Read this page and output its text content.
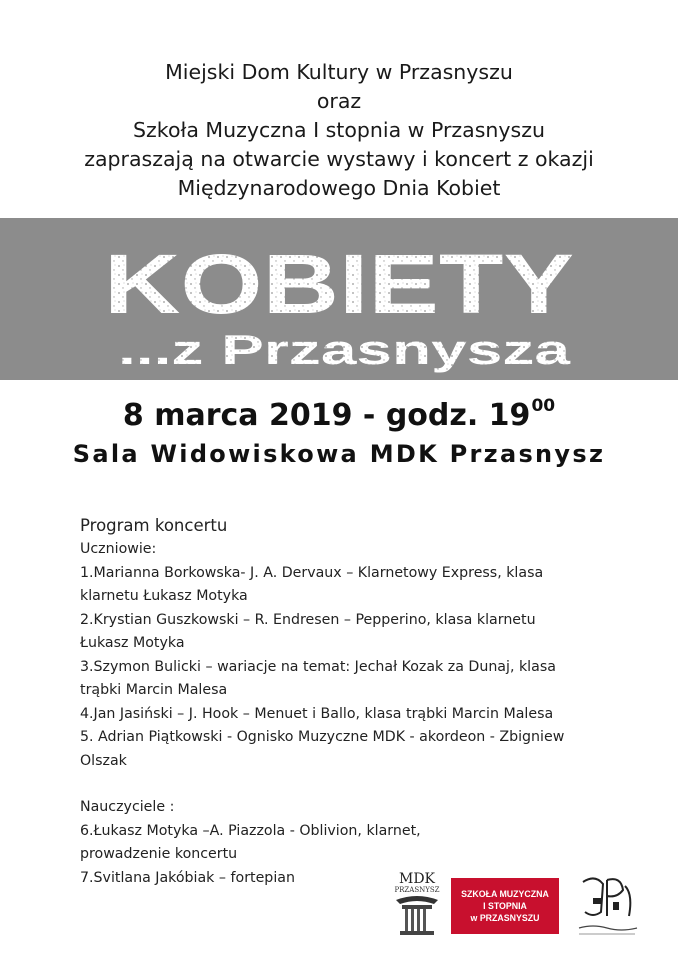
Miejski Dom Kultury w Przasnyszu
oraz
Szkoła Muzyczna I stopnia w Przasnyszu
zapraszają na otwarcie wystawy i koncert z okazji
Międzynarodowego Dnia Kobiet
KOBIETY
...z Przasnysza
8 marca 2019 - godz. $19^{00}$
Sala Widowiskowa MDK Przasnysz
Program koncertu
Uczniowie:
1.Marianna Borkowska- J. A. Dervaux – Klarnetowy Express, klasa
klarnetu Łukasz Motyka
2.Krystian Guszkowski – R. Endresen – Pepperino, klasa klarnetu
Łukasz Motyka
3.Szymon Bulicki – wariacje na temat: Jechał Kozak za Dunaj, klasa
trąbki Marcin Malesa
4.Jan Jasiński – J. Hook – Menuet i Ballo, klasa trąbki Marcin Malesa
5. Adrian Piątkowski - Ognisko Muzyczne MDK - akordeon - Zbigniew
Olszak
Nauczyciele :
6.Łukasz Motyka –A. Piazzola - Oblivion, klarnet,
prowadzenie koncertu
7.Svitlana Jakóbiak – fortepian	MDK
PRZASNYSZ	SZKOŁA MUZYCZNA
I STOPNIA
w PRZASNYSZU
